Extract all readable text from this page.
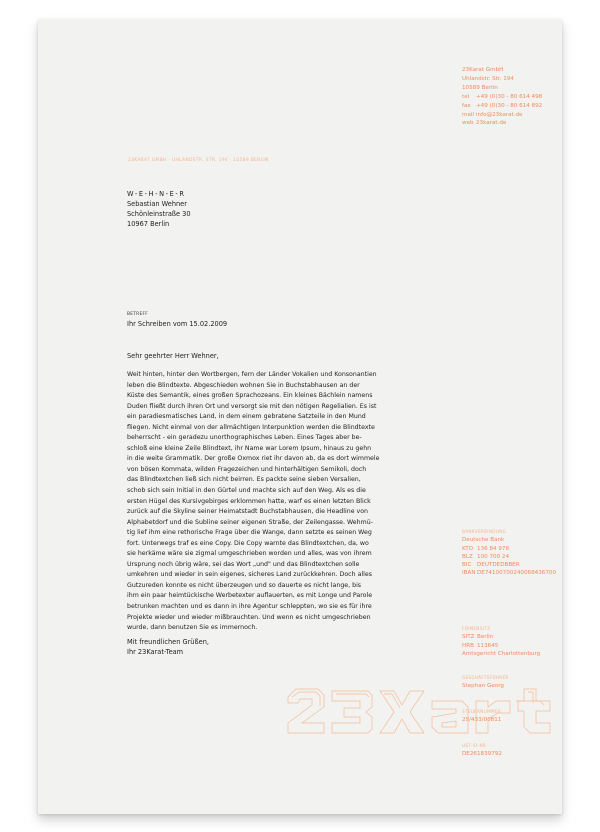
23Karat GmbH
Uhlandstr. Str. 194
10589 Berlin
tel +49 (0)30 - 80 614 498
fax +49 (0)30 - 80 614 892
mail info@23karat.de
web 23karat.de
23KARAT GMBH · UHLANDSTR. STR. 194 · 10589 BERLIN
W-E-H-N-E-R
Sebastian Wehner
Schönleinstraße 30
10967 Berlin
BETREFF
Ihr Schreiben vom 15.02.2009
Sehr geehrter Herr Wehner,
Weit hinten, hinter den Wortbergen, fern der Länder Vokalien und Konsonantien
leben die Blindtexte. Abgeschieden wohnen Sie in Buchstabhausen an der
Küste des Semantik, eines großen Sprachozeans. Ein kleines Bächlein namens
Duden fließt durch ihren Ort und versorgt sie mit den nötigen Regelialien. Es ist
ein paradiesmatisches Land, in dem einem gebratene Satzteile in den Mund
fliegen. Nicht einmal von der allmächtigen Interpunktion werden die Blindtexte
beherrscht - ein geradezu unorthographisches Leben. Eines Tages aber be-
schloß eine kleine Zeile Blindtext, ihr Name war Lorem Ipsum, hinaus zu gehn
in die weite Grammatik. Der große Oxmox riet ihr davon ab, da es dort wimmele
von bösen Kommata, wilden Fragezeichen und hinterhältigen Semikoli, doch
das Blindtextchen ließ sich nicht beirren. Es packte seine sieben Versalien,
schob sich sein Initial in den Gürtel und machte sich auf den Weg. Als es die
ersten Hügel des Kursivgebirges erklommen hatte, warf es einen letzten Blick
zurück auf die Skyline seiner Heimatstadt Buchstabhausen, die Headline von
Alphabetdorf und die Subline seiner eigenen Straße, der Zeilengasse. Wehmü-
tig lief ihm eine rethorische Frage über die Wange, dann setzte es seinen Weg
fort. Unterwegs traf es eine Copy. Die Copy warnte das Blindtextchen, da, wo
sie herkäme wäre sie zigmal umgeschrieben worden und alles, was von ihrem
Ursprung noch übrig wäre, sei das Wort „und" und das Blindtextchen solle
umkehren und wieder in sein eigenes, sicheres Land zurückkehren. Doch alles
Gutzureden konnte es nicht überzeugen und so dauerte es nicht lange, bis
ihm ein paar heimtückische Werbetexter auflauerten, es mit Longe und Parole
betrunken machten und es dann in ihre Agentur schleppten, wo sie es für ihre
Projekte wieder und wieder mißbrauchten. Und wenn es nicht umgeschrieben
wurde, dann benutzen Sie es immernoch.
Mit freundlichen Grüßen,
Ihr 23Karat-Team
BANKVERBINDUNG
Deutsche Bank
KTO 136 84 978
BLZ 100 700 24
BIC DEUTDEDBBER
IBAN DE74100700240068436700
FIRMENSITZ
SITZ Berlin
HRB 113645
Amtsgericht Charlottenburg
GESCHÄFTSFÜHRER
Stephan Georg
STEUERNUMMER
29/433/00811
UST-ID-NR.
DE261839792
